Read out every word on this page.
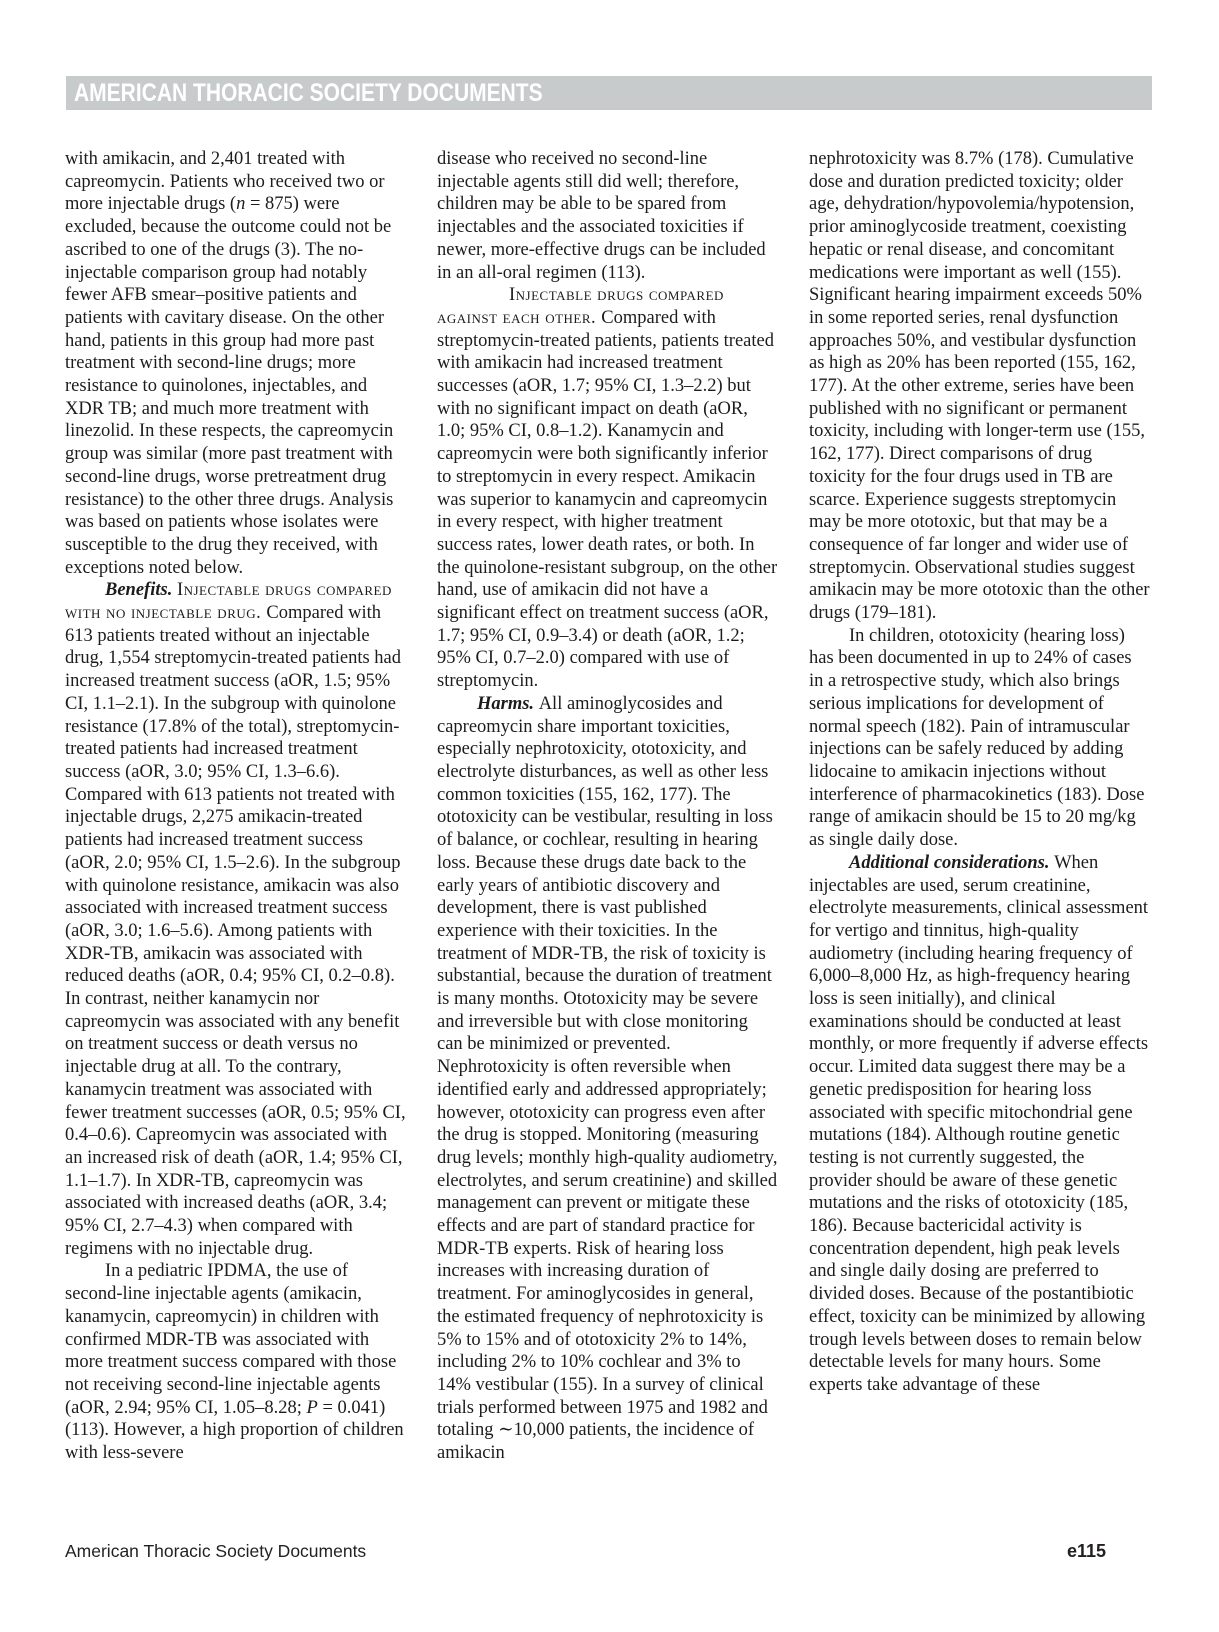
AMERICAN THORACIC SOCIETY DOCUMENTS

with amikacin, and 2,401 treated with capreomycin. Patients who received two or more injectable drugs (n = 875) were excluded, because the outcome could not be ascribed to one of the drugs (3). The no-injectable comparison group had notably fewer AFB smear–positive patients and patients with cavitary disease. On the other hand, patients in this group had more past treatment with second-line drugs; more resistance to quinolones, injectables, and XDR TB; and much more treatment with linezolid. In these respects, the capreomycin group was similar (more past treatment with second-line drugs, worse pretreatment drug resistance) to the other three drugs. Analysis was based on patients whose isolates were susceptible to the drug they received, with exceptions noted below.

Benefits. Injectable drugs compared with no injectable drug. Compared with 613 patients treated without an injectable drug, 1,554 streptomycin-treated patients had increased treatment success (aOR, 1.5; 95% CI, 1.1–2.1). In the subgroup with quinolone resistance (17.8% of the total), streptomycin-treated patients had increased treatment success (aOR, 3.0; 95% CI, 1.3–6.6). Compared with 613 patients not treated with injectable drugs, 2,275 amikacin-treated patients had increased treatment success (aOR, 2.0; 95% CI, 1.5–2.6). In the subgroup with quinolone resistance, amikacin was also associated with increased treatment success (aOR, 3.0; 1.6–5.6). Among patients with XDR-TB, amikacin was associated with reduced deaths (aOR, 0.4; 95% CI, 0.2–0.8). In contrast, neither kanamycin nor capreomycin was associated with any benefit on treatment success or death versus no injectable drug at all. To the contrary, kanamycin treatment was associated with fewer treatment successes (aOR, 0.5; 95% CI, 0.4–0.6). Capreomycin was associated with an increased risk of death (aOR, 1.4; 95% CI, 1.1–1.7). In XDR-TB, capreomycin was associated with increased deaths (aOR, 3.4; 95% CI, 2.7–4.3) when compared with regimens with no injectable drug.

In a pediatric IPDMA, the use of second-line injectable agents (amikacin, kanamycin, capreomycin) in children with confirmed MDR-TB was associated with more treatment success compared with those not receiving second-line injectable agents (aOR, 2.94; 95% CI, 1.05–8.28; P = 0.041) (113). However, a high proportion of children with less-severe

disease who received no second-line injectable agents still did well; therefore, children may be able to be spared from injectables and the associated toxicities if newer, more-effective drugs can be included in an all-oral regimen (113).

Injectable drugs compared against each other. Compared with streptomycin-treated patients, patients treated with amikacin had increased treatment successes (aOR, 1.7; 95% CI, 1.3–2.2) but with no significant impact on death (aOR, 1.0; 95% CI, 0.8–1.2). Kanamycin and capreomycin were both significantly inferior to streptomycin in every respect. Amikacin was superior to kanamycin and capreomycin in every respect, with higher treatment success rates, lower death rates, or both. In the quinolone-resistant subgroup, on the other hand, use of amikacin did not have a significant effect on treatment success (aOR, 1.7; 95% CI, 0.9–3.4) or death (aOR, 1.2; 95% CI, 0.7–2.0) compared with use of streptomycin.

Harms. All aminoglycosides and capreomycin share important toxicities, especially nephrotoxicity, ototoxicity, and electrolyte disturbances, as well as other less common toxicities (155, 162, 177). The ototoxicity can be vestibular, resulting in loss of balance, or cochlear, resulting in hearing loss. Because these drugs date back to the early years of antibiotic discovery and development, there is vast published experience with their toxicities. In the treatment of MDR-TB, the risk of toxicity is substantial, because the duration of treatment is many months. Ototoxicity may be severe and irreversible but with close monitoring can be minimized or prevented. Nephrotoxicity is often reversible when identified early and addressed appropriately; however, ototoxicity can progress even after the drug is stopped. Monitoring (measuring drug levels; monthly high-quality audiometry, electrolytes, and serum creatinine) and skilled management can prevent or mitigate these effects and are part of standard practice for MDR-TB experts. Risk of hearing loss increases with increasing duration of treatment. For aminoglycosides in general, the estimated frequency of nephrotoxicity is 5% to 15% and of ototoxicity 2% to 14%, including 2% to 10% cochlear and 3% to 14% vestibular (155). In a survey of clinical trials performed between 1975 and 1982 and totaling ∼10,000 patients, the incidence of amikacin

nephrotoxicity was 8.7% (178). Cumulative dose and duration predicted toxicity; older age, dehydration/hypovolemia/hypotension, prior aminoglycoside treatment, coexisting hepatic or renal disease, and concomitant medications were important as well (155). Significant hearing impairment exceeds 50% in some reported series, renal dysfunction approaches 50%, and vestibular dysfunction as high as 20% has been reported (155, 162, 177). At the other extreme, series have been published with no significant or permanent toxicity, including with longer-term use (155, 162, 177). Direct comparisons of drug toxicity for the four drugs used in TB are scarce. Experience suggests streptomycin may be more ototoxic, but that may be a consequence of far longer and wider use of streptomycin. Observational studies suggest amikacin may be more ototoxic than the other drugs (179–181).

In children, ototoxicity (hearing loss) has been documented in up to 24% of cases in a retrospective study, which also brings serious implications for development of normal speech (182). Pain of intramuscular injections can be safely reduced by adding lidocaine to amikacin injections without interference of pharmacokinetics (183). Dose range of amikacin should be 15 to 20 mg/kg as single daily dose.

Additional considerations. When injectables are used, serum creatinine, electrolyte measurements, clinical assessment for vertigo and tinnitus, high-quality audiometry (including hearing frequency of 6,000–8,000 Hz, as high-frequency hearing loss is seen initially), and clinical examinations should be conducted at least monthly, or more frequently if adverse effects occur. Limited data suggest there may be a genetic predisposition for hearing loss associated with specific mitochondrial gene mutations (184). Although routine genetic testing is not currently suggested, the provider should be aware of these genetic mutations and the risks of ototoxicity (185, 186). Because bactericidal activity is concentration dependent, high peak levels and single daily dosing are preferred to divided doses. Because of the postantibiotic effect, toxicity can be minimized by allowing trough levels between doses to remain below detectable levels for many hours. Some experts take advantage of these

American Thoracic Society Documents	e115
